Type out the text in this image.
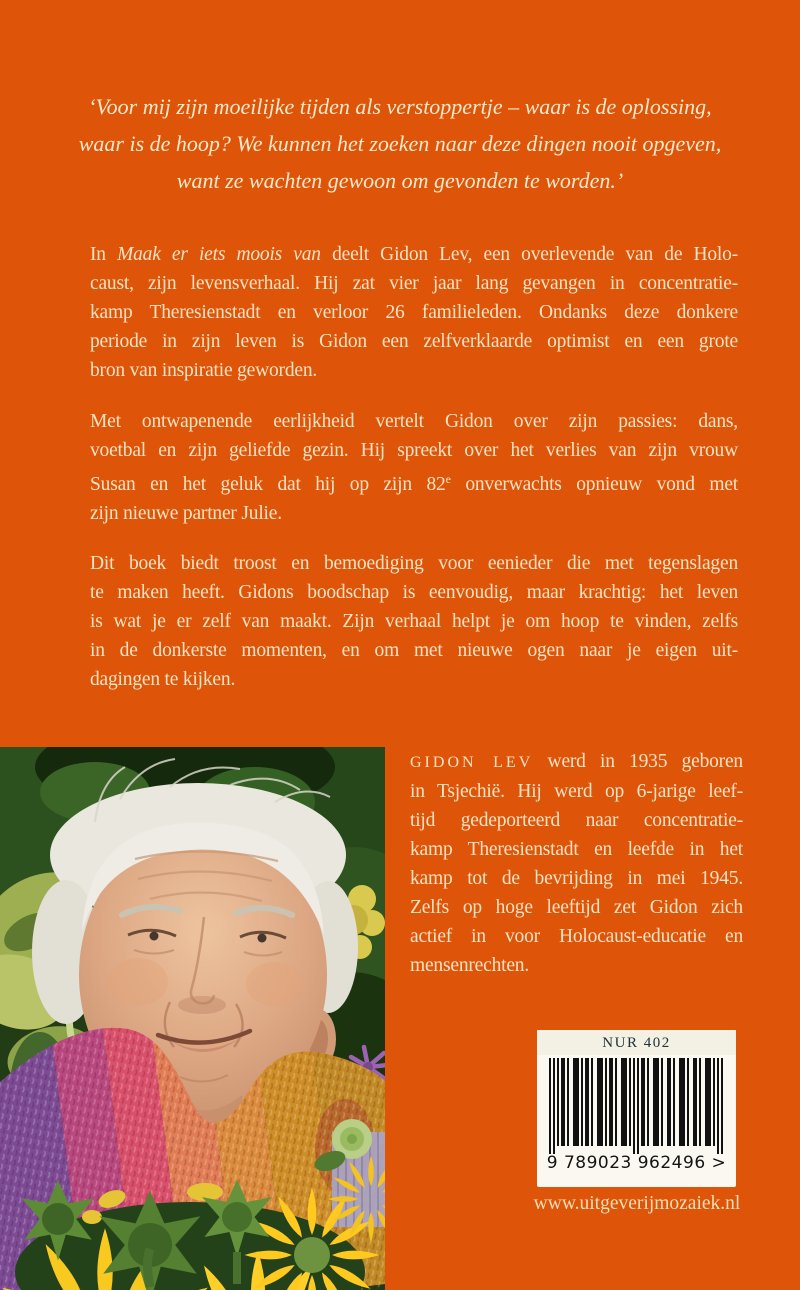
‘Voor mij zijn moeilijke tijden als verstoppertje – waar is de oplossing,
waar is de hoop? We kunnen het zoeken naar deze dingen nooit opgeven,
want ze wachten gewoon om gevonden te worden.’
In Maak er iets moois van deelt Gidon Lev, een overlevende van de Holo-
caust, zijn levensverhaal. Hij zat vier jaar lang gevangen in concentratie-
kamp Theresienstadt en verloor 26 familieleden. Ondanks deze donkere
periode in zijn leven is Gidon een zelfverklaarde optimist en een grote
bron van inspiratie geworden.
Met ontwapenende eerlijkheid vertelt Gidon over zijn passies: dans,
voetbal en zijn geliefde gezin. Hij spreekt over het verlies van zijn vrouw
Susan en het geluk dat hij op zijn 82e onverwachts opnieuw vond met
zijn nieuwe partner Julie.
Dit boek biedt troost en bemoediging voor eenieder die met tegenslagen
te maken heeft. Gidons boodschap is eenvoudig, maar krachtig: het leven
is wat je er zelf van maakt. Zijn verhaal helpt je om hoop te vinden, zelfs
in de donkerste momenten, en om met nieuwe ogen naar je eigen uit-
dagingen te kijken.
GIDON LEV werd in 1935 geboren
in Tsjechië. Hij werd op 6-jarige leef-
tijd gedeporteerd naar concentratie-
kamp Theresienstadt en leefde in het
kamp tot de bevrijding in mei 1945.
Zelfs op hoge leeftijd zet Gidon zich
actief in voor Holocaust-educatie en
mensenrechten.
NUR 402
9 789023 962496 >
www.uitgeverijmozaiek.nl
